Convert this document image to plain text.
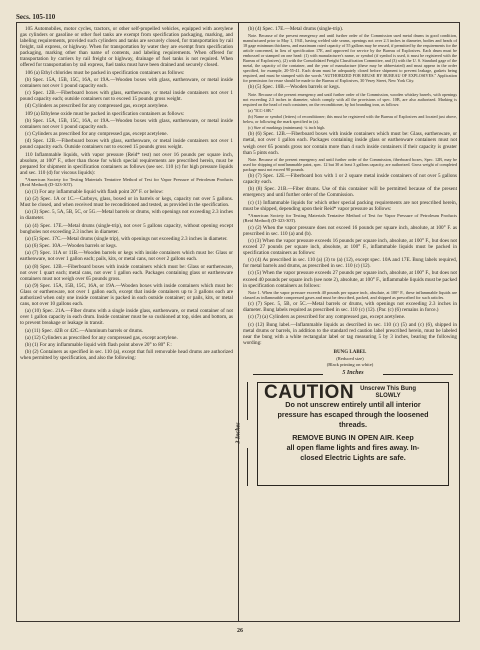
Secs. 105-110

105 Automobiles, motor cycles, tractors, or other self-propelled vehicles, equipped with acetylene gas cylinders or gasoline or other fuel tanks are exempt from specification packaging, marking, and labeling requirements, provided such cylinders and tanks are securely closed, for transportation by rail freight, rail express, or highway. When for transportation by water they are exempt from specification packaging, marking other than name of contents, and labeling requirements. When offered for transportation by carriers by rail freight or highway, drainage of fuel tanks is not required. When offered for transportation by rail express, fuel tanks must have been drained and securely closed.

106 (a) Ethyl chlorides must be packed in specification containers as follows:

(b) Spec. 15A, 15B, 15C, 16A, or 19A.—Wooden boxes with glass, earthenware, or metal inside containers not over 1 pound capacity each.

(c) Spec. 12B.—Fiberboard boxes with glass, earthenware, or metal inside containers not over 1 pound capacity each; outside containers not to exceed 15 pounds gross weight.

(d) Cylinders as prescribed for any compressed gas, except acetylene.

109 (a) Ethylene oxide must be packed in specification containers as follows:

(b) Spec. 15A, 15B, 15C, 16A, or 19A.—Wooden boxes with glass, earthenware, or metal inside containers not over 1 pound capacity each.

(c) Cylinders as prescribed for any compressed gas, except acetylene.

(d) Spec. 12B.—Fiberboard boxes with glass, earthenware, or metal inside containers not over 1 pound capacity each. Outside containers not to exceed 15 pounds gross weight.

110 Inflammable liquids, with vapor pressure (Reid* test) not over 16 pounds per square inch, absolute, at 100° F., other than those for which special requirements are prescribed herein, must be prepared for shipment in specification containers as follows (see sec. 110 (c) for high pressure liquids and sec. 110 (d) for viscous liquids):

*American Society for Testing Materials Tentative Method of Test for Vapor Pressure of Petroleum Products (Reid Method) (D-323-30T).

(a) (1) For any inflammable liquid with flash point 20° F. or below:

(a) (2) Spec. 1A or 1C.—Carboys, glass, boxed or in barrels or kegs, capacity not over 5 gallons. Must be closed, and when received must be reconditioned and tested, as provided in the specification.

(a) (3) Spec. 5, 5A, 5B, 5C, or 5G.—Metal barrels or drums, with openings not exceeding 2.3 inches in diameter.

(a) (4) Spec. 17E.—Metal drums (single-trip), not over 5 gallons capacity, without opening except bungholes not exceeding 2.3 inches in diameter.

(a) (5) Spec. 17C.—Metal drums (single trip), with openings not exceeding 2.3 inches in diameter.

(a) (6) Spec. 10A.—Wooden barrels or kegs.

(a) (7) Spec. 11A or 11B.—Wooden barrels or kegs with inside containers which must be: Glass or earthenware, not over 1 gallon each; pails, kits, or metal cans, not over 2 gallons each.

(a) (8) Spec. 12B.—Fiberboard boxes with inside containers which must be: Glass or earthenware, not over 1 quart each; metal cans, not over 1 gallon each. Packages containing glass or earthenware containers must not weigh over 65 pounds gross.

(a) (9) Spec. 15A, 15B, 15C, 16A, or 19A.—Wooden boxes with inside containers which must be: Glass or earthenware, not over 1 gallon each, except that inside containers up to 3 gallons each are authorized when only one inside container is packed in each outside container; or pails, kits, or metal cans, not over 10 gallons each.

(a) (10) Spec. 21A.—Fiber drums with a single inside glass, earthenware, or metal container of not over 1 gallon capacity in each drum. Inside container must be so cushioned at top, sides and bottom, as to prevent breakage or leakage in transit.

(a) (11) Spec. 42B or 42C.—Aluminum barrels or drums.

(a) (12) Cylinders as prescribed for any compressed gas, except acetylene.

(b) (1) For any inflammable liquid with flash point above 20° to 80° F.:

(b) (2) Containers as specified in sec. 110 (a), except that full removable head drums are authorized when permitted by specification, and also the following:

(b) (4) Spec. 17E.—Metal drums (single-trip).

Note. Because of the present emergency and until further order of the Commission used metal drums in good condition, manufactured prior to May 1, 1941, having welded side seams, openings not over 2.3 inches in diameter, bodies and heads of 18 gage minimum thickness, and maximum rated capacity of 55 gallons may be reused, if permitted by the requirements for the article concerned, in lieu of specification 17E, and approved for service by the Bureau of Explosives. Each drum must be embossed or stamped on one head: (1) with manufacturer's name, or symbol (if symbol is used, it must be registered with the Bureau of Explosives), (2) with the Consolidated Freight Classification Committee, and (3) with the U. S. Standard gage of the metal, the capacity of the container, and the year of manufacture (these may be abbreviated) and must appear in the order specified, for example, 20-55-41. Each drum must be adequately closed before shipment to prevent leakage, gaskets being required, and must be stamped with the words "AUTHORIZED FOR REUSE BY BUREAU OF EXPLOSIVES." Application for permission for reuse should be made to the Bureau of Explosives, 30 Vesey Street, New York City.

(b) (5) Spec. 10B.—Wooden barrels or kegs.

Note. Because of the present emergency and until further order of the Commission, wooden whiskey barrels, with openings not exceeding 2.3 inches in diameter, which comply with all the provisions of spec. 10B, are also authorized. Marking is required on the head of each container, on the reconditioner, by hot branding iron, as follows:

(a) "ICC-10B."

(b) Name or symbol (letters) of reconditioner; this must be registered with the Bureau of Explosives and located just above, below, or following the mark specified in (a).

(c) Size of markings (minimum): ¼ inch high.

(b) (6) Spec. 12B.—Fiberboard boxes with inside containers which must be: Glass, earthenware, or metal, not over 1 gallon each. Packages containing inside glass or earthenware containers must not weigh over 65 pounds gross nor contain more than 4 such inside containers if their capacity is greater than 5 pints each.

Note. Because of the present emergency and until further order of the Commission, fiberboard boxes, Spec. 12B, may be used for shipping of nonflammable paint, spec. 12 but 30 at least 3 gallons capacity, are authorized. Gross weight of completed package must not exceed 90 pounds.

(b) (7) Spec. 12E.—Fiberboard box with 1 or 2 square metal inside containers of not over 5 gallons capacity each.

(b) (8) Spec. 21B.—Fiber drums. Use of this container will be permitted because of the present emergency and until further order of the Commission.

(c) (1) Inflammable liquids for which other special packing requirements are not prescribed herein, must be shipped, depending upon their Reid* vapor pressure as follows:

*American Society for Testing Materials Tentative Method of Test for Vapor Pressure of Petroleum Products (Reid Method) (D-323-30T).

(c) (2) When the vapor pressure does not exceed 16 pounds per square inch, absolute, at 100° F. as prescribed in sec. 110 (a) and (b).

(c) (3) When the vapor pressure exceeds 16 pounds per square inch, absolute, at 100° F., but does not exceed 27 pounds per square inch, absolute, at 100° F., inflammable liquids must be packed in specification containers as follows:

(c) (4) As prescribed in sec. 110 (a) (3) to (a) (12), except spec. 10A and 17E. Bung labels required, for metal barrels and drums, as prescribed in sec. 110 (c) (12).

(c) (5) When the vapor pressure exceeds 27 pounds per square inch, absolute, at 100° F., but does not exceed 40 pounds per square inch (see note 2), absolute, at 100° F., inflammable liquids must be packed in specification containers as follows:

Note 1. When the vapor pressure exceeds 40 pounds per square inch, absolute, at 100° F., these inflammable liquids are classed as inflammable compressed gases and must be described, packed, and shipped as prescribed for such articles.

(c) (7) Spec. 5, 5B, or 5C.—Metal barrels or drums, with openings not exceeding 2.3 inches in diameter. Bung labels required as prescribed in sec. 110 (c) (12). (Par. (c) (6) remains in force.)

(c) (7) (a) Cylinders as prescribed for any compressed gas, except acetylene.

(c) (12) Bung label.—Inflammable liquids as described in sec. 110 (c) (5) and (c) (6), shipped in metal drums or barrels, in addition to the standard red caution label prescribed herein, must be labeled near the bung with a white rectangular label or tag measuring 5 by 3 inches, bearing the following wording:

BUNG LABEL
(Reduced size)
(Black printing on white)
5 Inches
3 Inches
CAUTION Unscrew This Bung
SLOWLY
Do not unscrew entirely until all interior
pressure has escaped through the loosened
threads.
REMOVE BUNG IN OPEN AIR. Keep
all open flame lights and fires away. In-
closed Electric Lights are safe.
26
